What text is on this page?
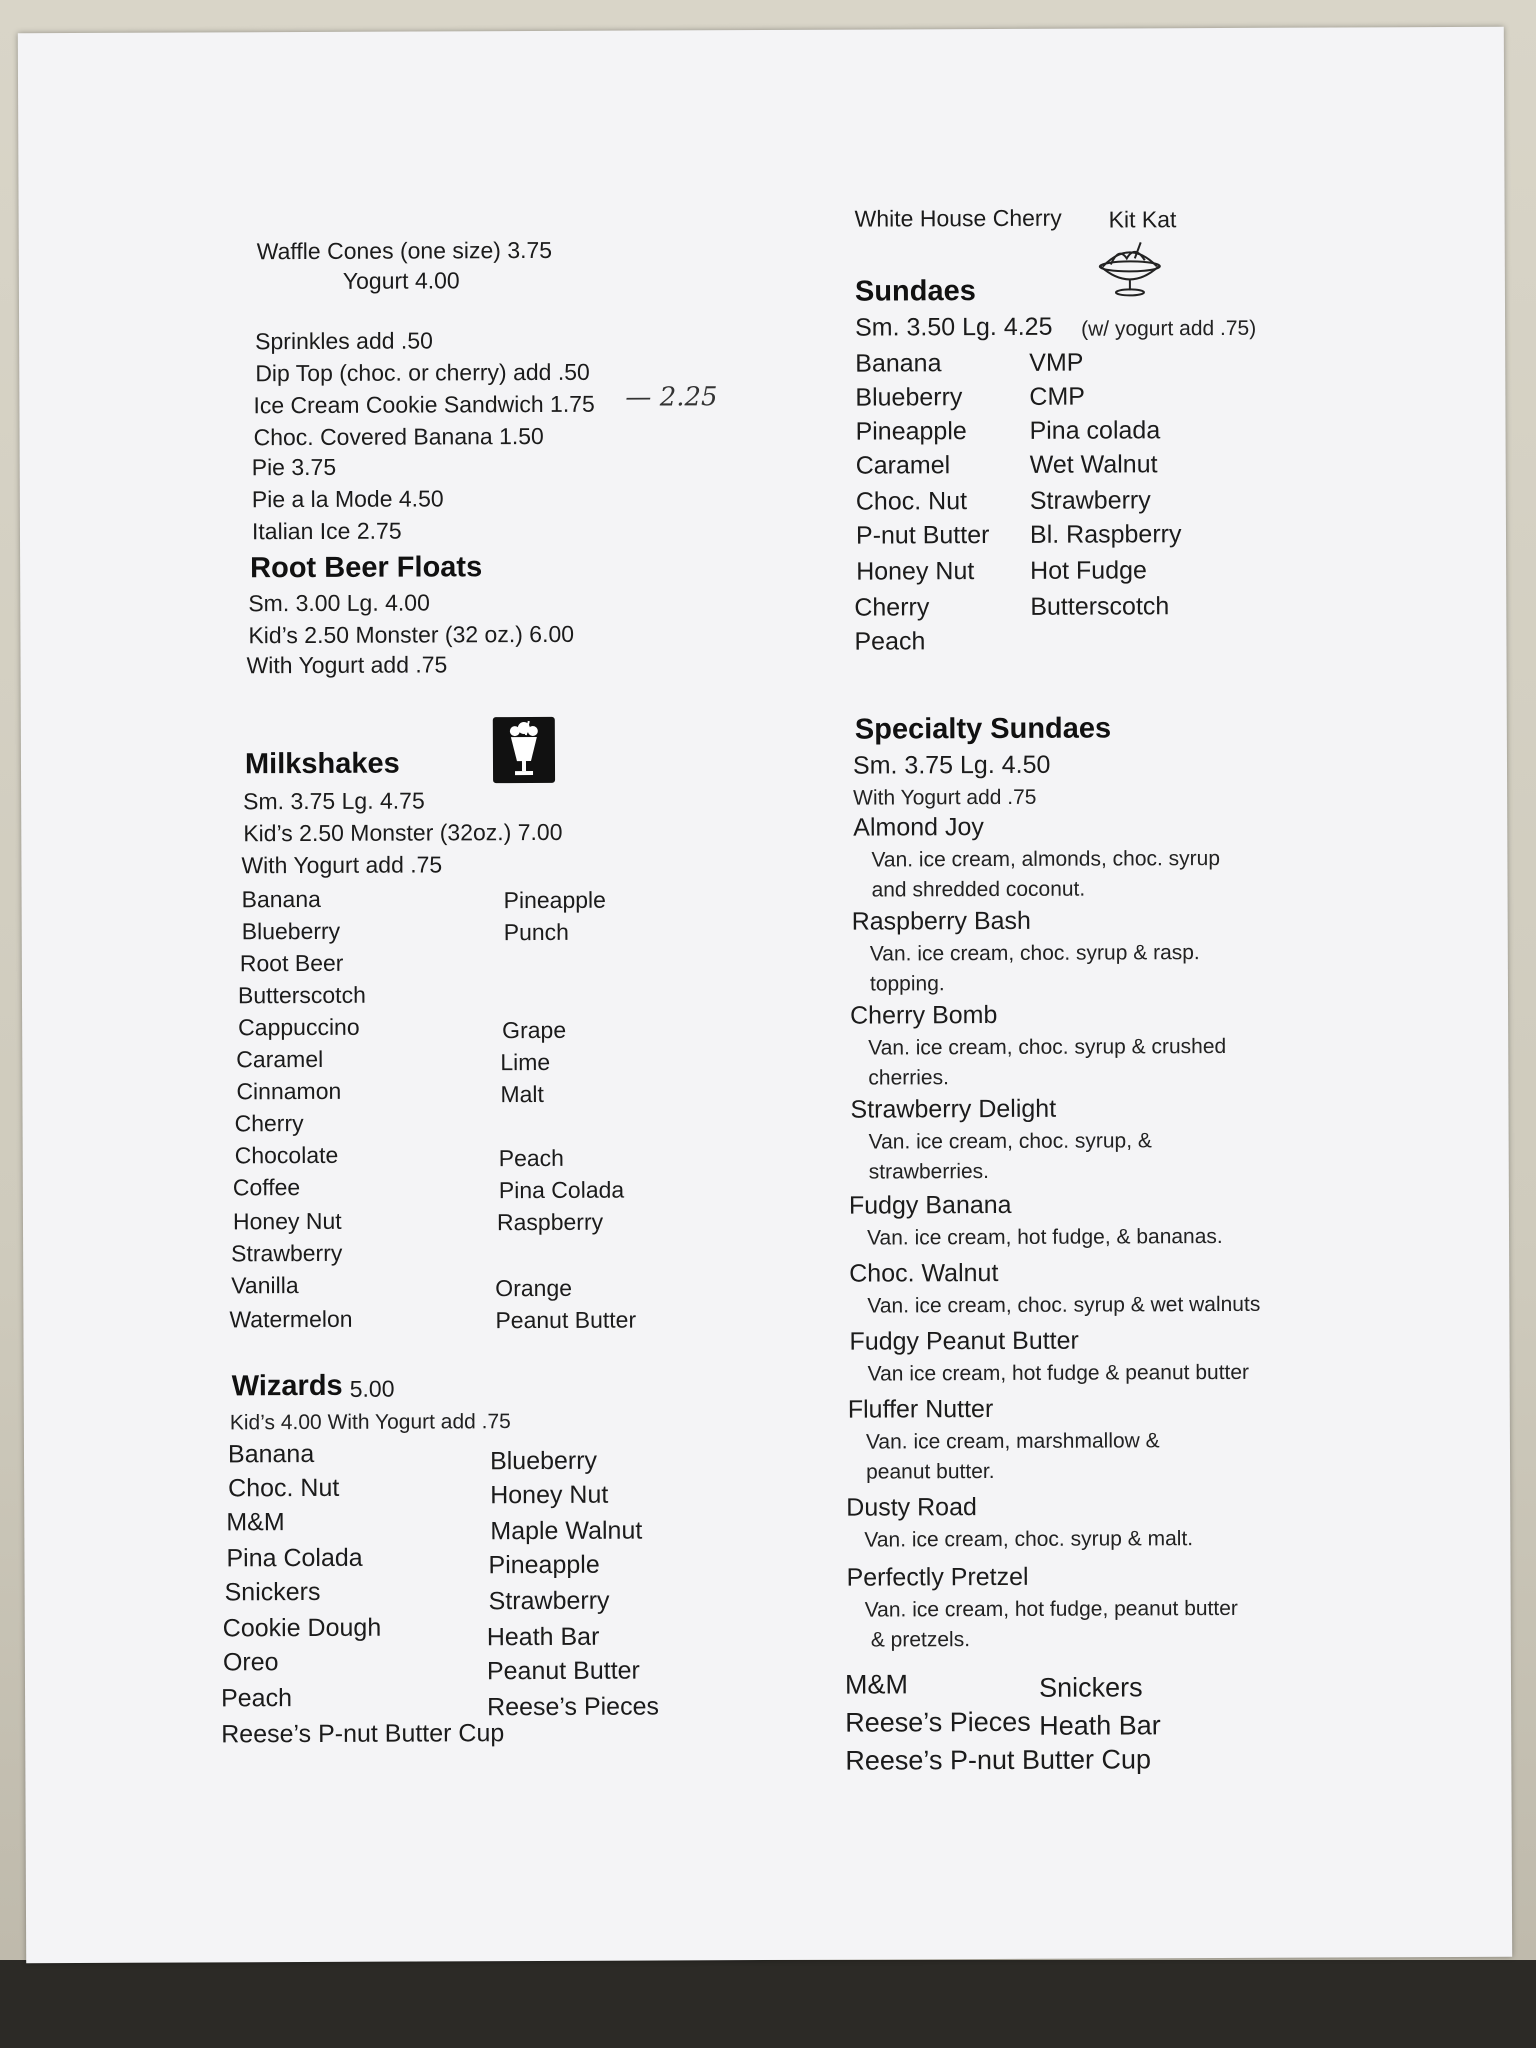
Waffle Cones (one size) 3.75
Yogurt 4.00
Sprinkles add .50
Dip Top (choc. or cherry) add .50
Ice Cream Cookie Sandwich 1.75 — 2.25
Choc. Covered Banana 1.50
Pie 3.75
Pie a la Mode 4.50
Italian Ice 2.75
Root Beer Floats
Sm. 3.00 Lg. 4.00
Kid’s 2.50 Monster (32 oz.) 6.00
With Yogurt add .75
Milkshakes
Sm. 3.75 Lg. 4.75
Kid’s 2.50 Monster (32oz.) 7.00
With Yogurt add .75
Banana
Blueberry
Root Beer
Butterscotch
Cappuccino
Caramel
Cinnamon
Cherry
Chocolate
Coffee
Honey Nut
Strawberry
Vanilla
Watermelon
Pineapple
Punch
Grape
Lime
Malt
Peach
Pina Colada
Raspberry
Orange
Peanut Butter
Wizards 5.00
Kid’s 4.00 With Yogurt add .75
Banana
Choc. Nut
M&M
Pina Colada
Snickers
Cookie Dough
Oreo
Peach
Reese’s P-nut Butter Cup
Blueberry
Honey Nut
Maple Walnut
Pineapple
Strawberry
Heath Bar
Peanut Butter
Reese’s Pieces
White House Cherry Kit Kat
Sundaes
Sm. 3.50 Lg. 4.25 (w/ yogurt add .75)
Banana
Blueberry
Pineapple
Caramel
Choc. Nut
P-nut Butter
Honey Nut
Cherry
Peach
VMP
CMP
Pina colada
Wet Walnut
Strawberry
Bl. Raspberry
Hot Fudge
Butterscotch
Specialty Sundaes
Sm. 3.75 Lg. 4.50
With Yogurt add .75
Almond Joy
Van. ice cream, almonds, choc. syrup
and shredded coconut.
Raspberry Bash
Van. ice cream, choc. syrup & rasp.
topping.
Cherry Bomb
Van. ice cream, choc. syrup & crushed
cherries.
Strawberry Delight
Van. ice cream, choc. syrup, &
strawberries.
Fudgy Banana
Van. ice cream, hot fudge, & bananas.
Choc. Walnut
Van. ice cream, choc. syrup & wet walnuts
Fudgy Peanut Butter
Van ice cream, hot fudge & peanut butter
Fluffer Nutter
Van. ice cream, marshmallow &
peanut butter.
Dusty Road
Van. ice cream, choc. syrup & malt.
Perfectly Pretzel
Van. ice cream, hot fudge, peanut butter
& pretzels.
M&M	Snickers
Reese’s Pieces Heath Bar
Reese’s P-nut Butter Cup
